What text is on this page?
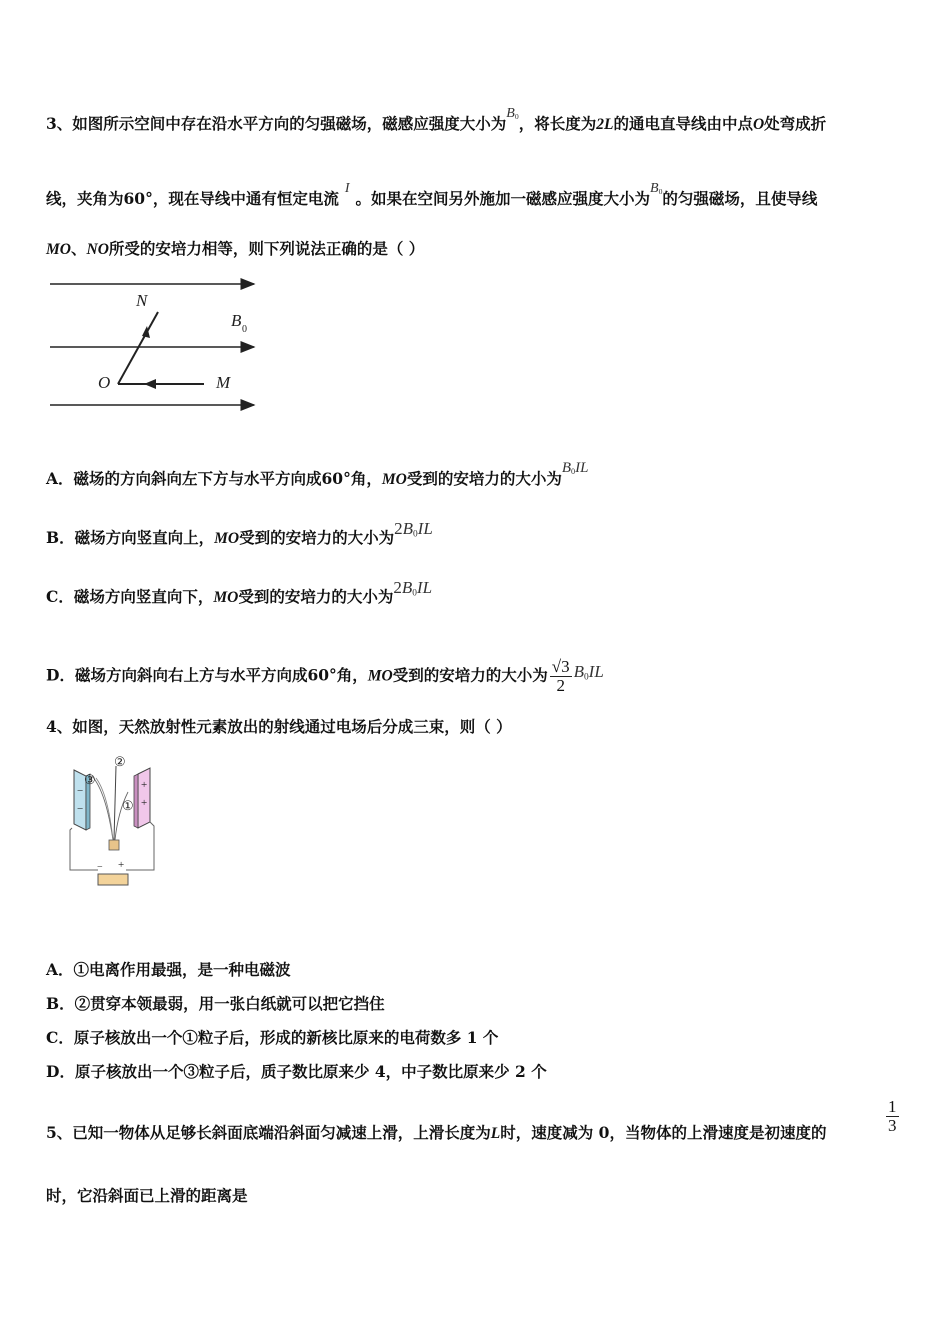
3、如图所示空间中存在沿水平方向的匀强磁场，磁感应强度大小为$B_0$，将长度为2L的通电直导线由中点O处弯成折
线，夹角为60°，现在导线中通有恒定电流I。如果在空间另外施加一磁感应强度大小为$B_0$的匀强磁场，且使导线
MO、NO所受的安培力相等，则下列说法正确的是（ ）
N
B 0
O	M
A．磁场的方向斜向左下方与水平方向成60°角，MO受到的安培力的大小为$B_0IL$
B．磁场方向竖直向上，MO受到的安培力的大小为$2B_0IL$
C．磁场方向竖直向下，MO受到的安培力的大小为$2B_0IL$
D．磁场方向斜向右上方与水平方向成60°角，MO受到的安培力的大小为 $\frac{√3}{2} B_0IL$
4、如图，天然放射性元素放出的射线通过电场后分成三束，则（ ）
−
−
+
+
③
②
①
− +
A．①电离作用最强，是一种电磁波
B．②贯穿本领最弱，用一张白纸就可以把它挡住
C．原子核放出一个①粒子后，形成的新核比原来的电荷数多 1 个
D．原子核放出一个③粒子后，质子数比原来少 4，中子数比原来少 2 个
5、已知一物体从足够长斜面底端沿斜面匀减速上滑，上滑长度为L时，速度减为 0，当物体的上滑速度是初速度的
1
3
时，它沿斜面已上滑的距离是
